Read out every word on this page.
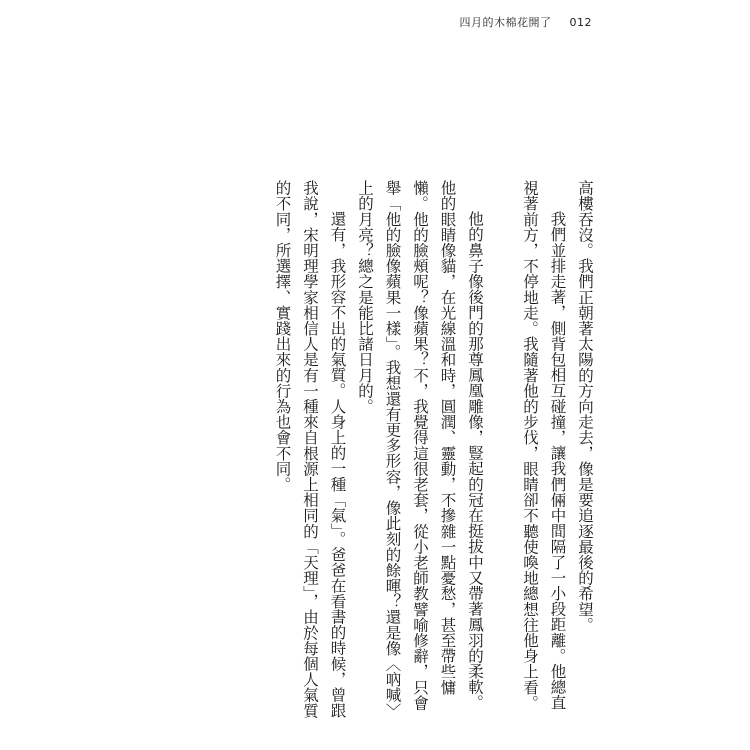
四月的木棉花開了 012

高樓吞沒。我們正朝著太陽的方向走去，像是要追逐最後的希望。

我們並排走著，側背包相互碰撞，讓我們倆中間隔了一小段距離。他總直視著前方，不停地走。我隨著他的步伐，眼睛卻不聽使喚地總想往他身上看。

他的鼻子像後門的那尊鳳凰雕像，豎起的冠在挺拔中又帶著鳳羽的柔軟。他的眼睛像貓，在光線溫和時，圓潤、靈動，不摻雜一點憂愁，甚至帶些慵懶。他的臉頰呢？像蘋果？不，我覺得這很老套，從小老師教譬喻修辭，只會舉「他的臉像蘋果一樣」。我想還有更多形容，像此刻的餘暉？還是像〈吶喊〉上的月亮？總之是能比諸日月的。

還有，我形容不出的氣質。人身上的一種「氣」。爸爸在看書的時候，曾跟我說，宋明理學家相信人是有一種來自根源上相同的「天理」，由於每個人氣質的不同，所選擇、實踐出來的行為也會不同。
